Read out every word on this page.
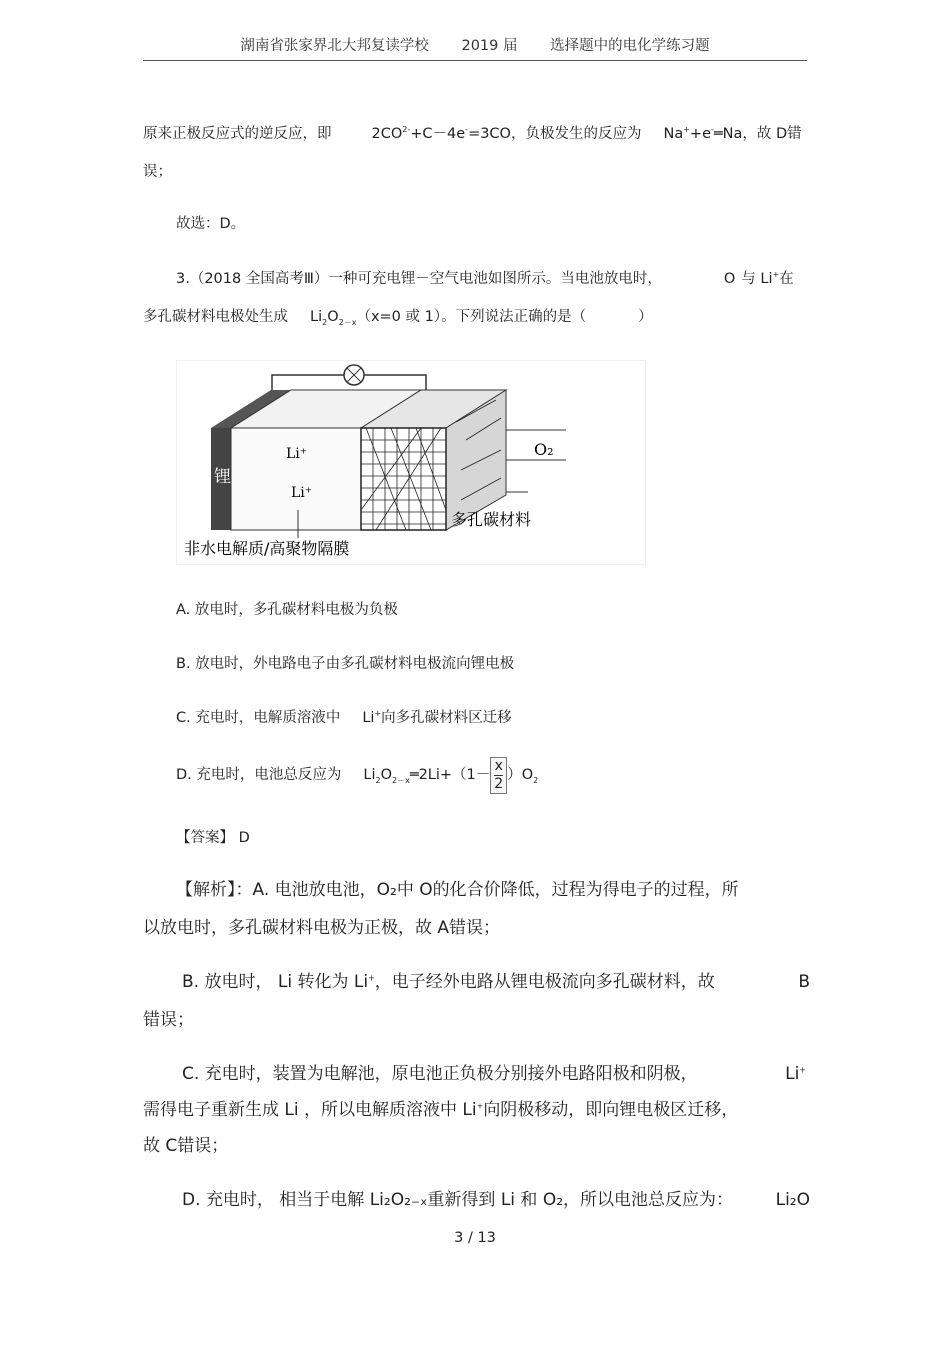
湖南省张家界北大邦复读学校 2019 届 选择题中的电化学练习题
原来正极反应式的逆反应，即	$2CO^{2-}+C-4e^-=3CO$，负极发生的反应为 Na++e-═Na，故 D错
误；
故选：D。
3.（2018 全国高考Ⅲ）一种可充电锂－空气电池如图所示。当电池放电时，	O 与 Li+在
多孔碳材料电极处生成 $Li_2O_{2-x}(x=0$ 或 1）。下列说法正确的是（	）
锂
Li⁺
Li⁺
O₂
多孔碳材料
非水电解质/高聚物隔膜
A. 放电时，多孔碳材料电极为负极
B. 放电时，外电路电子由多孔碳材料电极流向锂电极
C. 充电时，电解质溶液中 Li+向多孔碳材料区迁移
D. 充电时，电池总反应为 $Li_2O_{2-x}═2Li+(1- \frac{x}{2} )O_2$
【答案】 D
【解析】：A. 电池放电池，O₂中 O的化合价降低，过程为得电子的过程，所
以放电时，多孔碳材料电极为正极，故 A错误；
B. 放电时， Li 转化为 Li+，电子经外电路从锂电极流向多孔碳材料，故	B
错误；
C. 充电时，装置为电解池，原电池正负极分别接外电路阳极和阴极，	Li+
需得电子重新生成 Li ，所以电解质溶液中 Li+向阴极移动，即向锂电极区迁移，
故 C错误；
D. 充电时， 相当于电解 Li₂O₂₋ₓ重新得到 Li 和 O₂，所以电池总反应为：	Li₂O
3 / 13
